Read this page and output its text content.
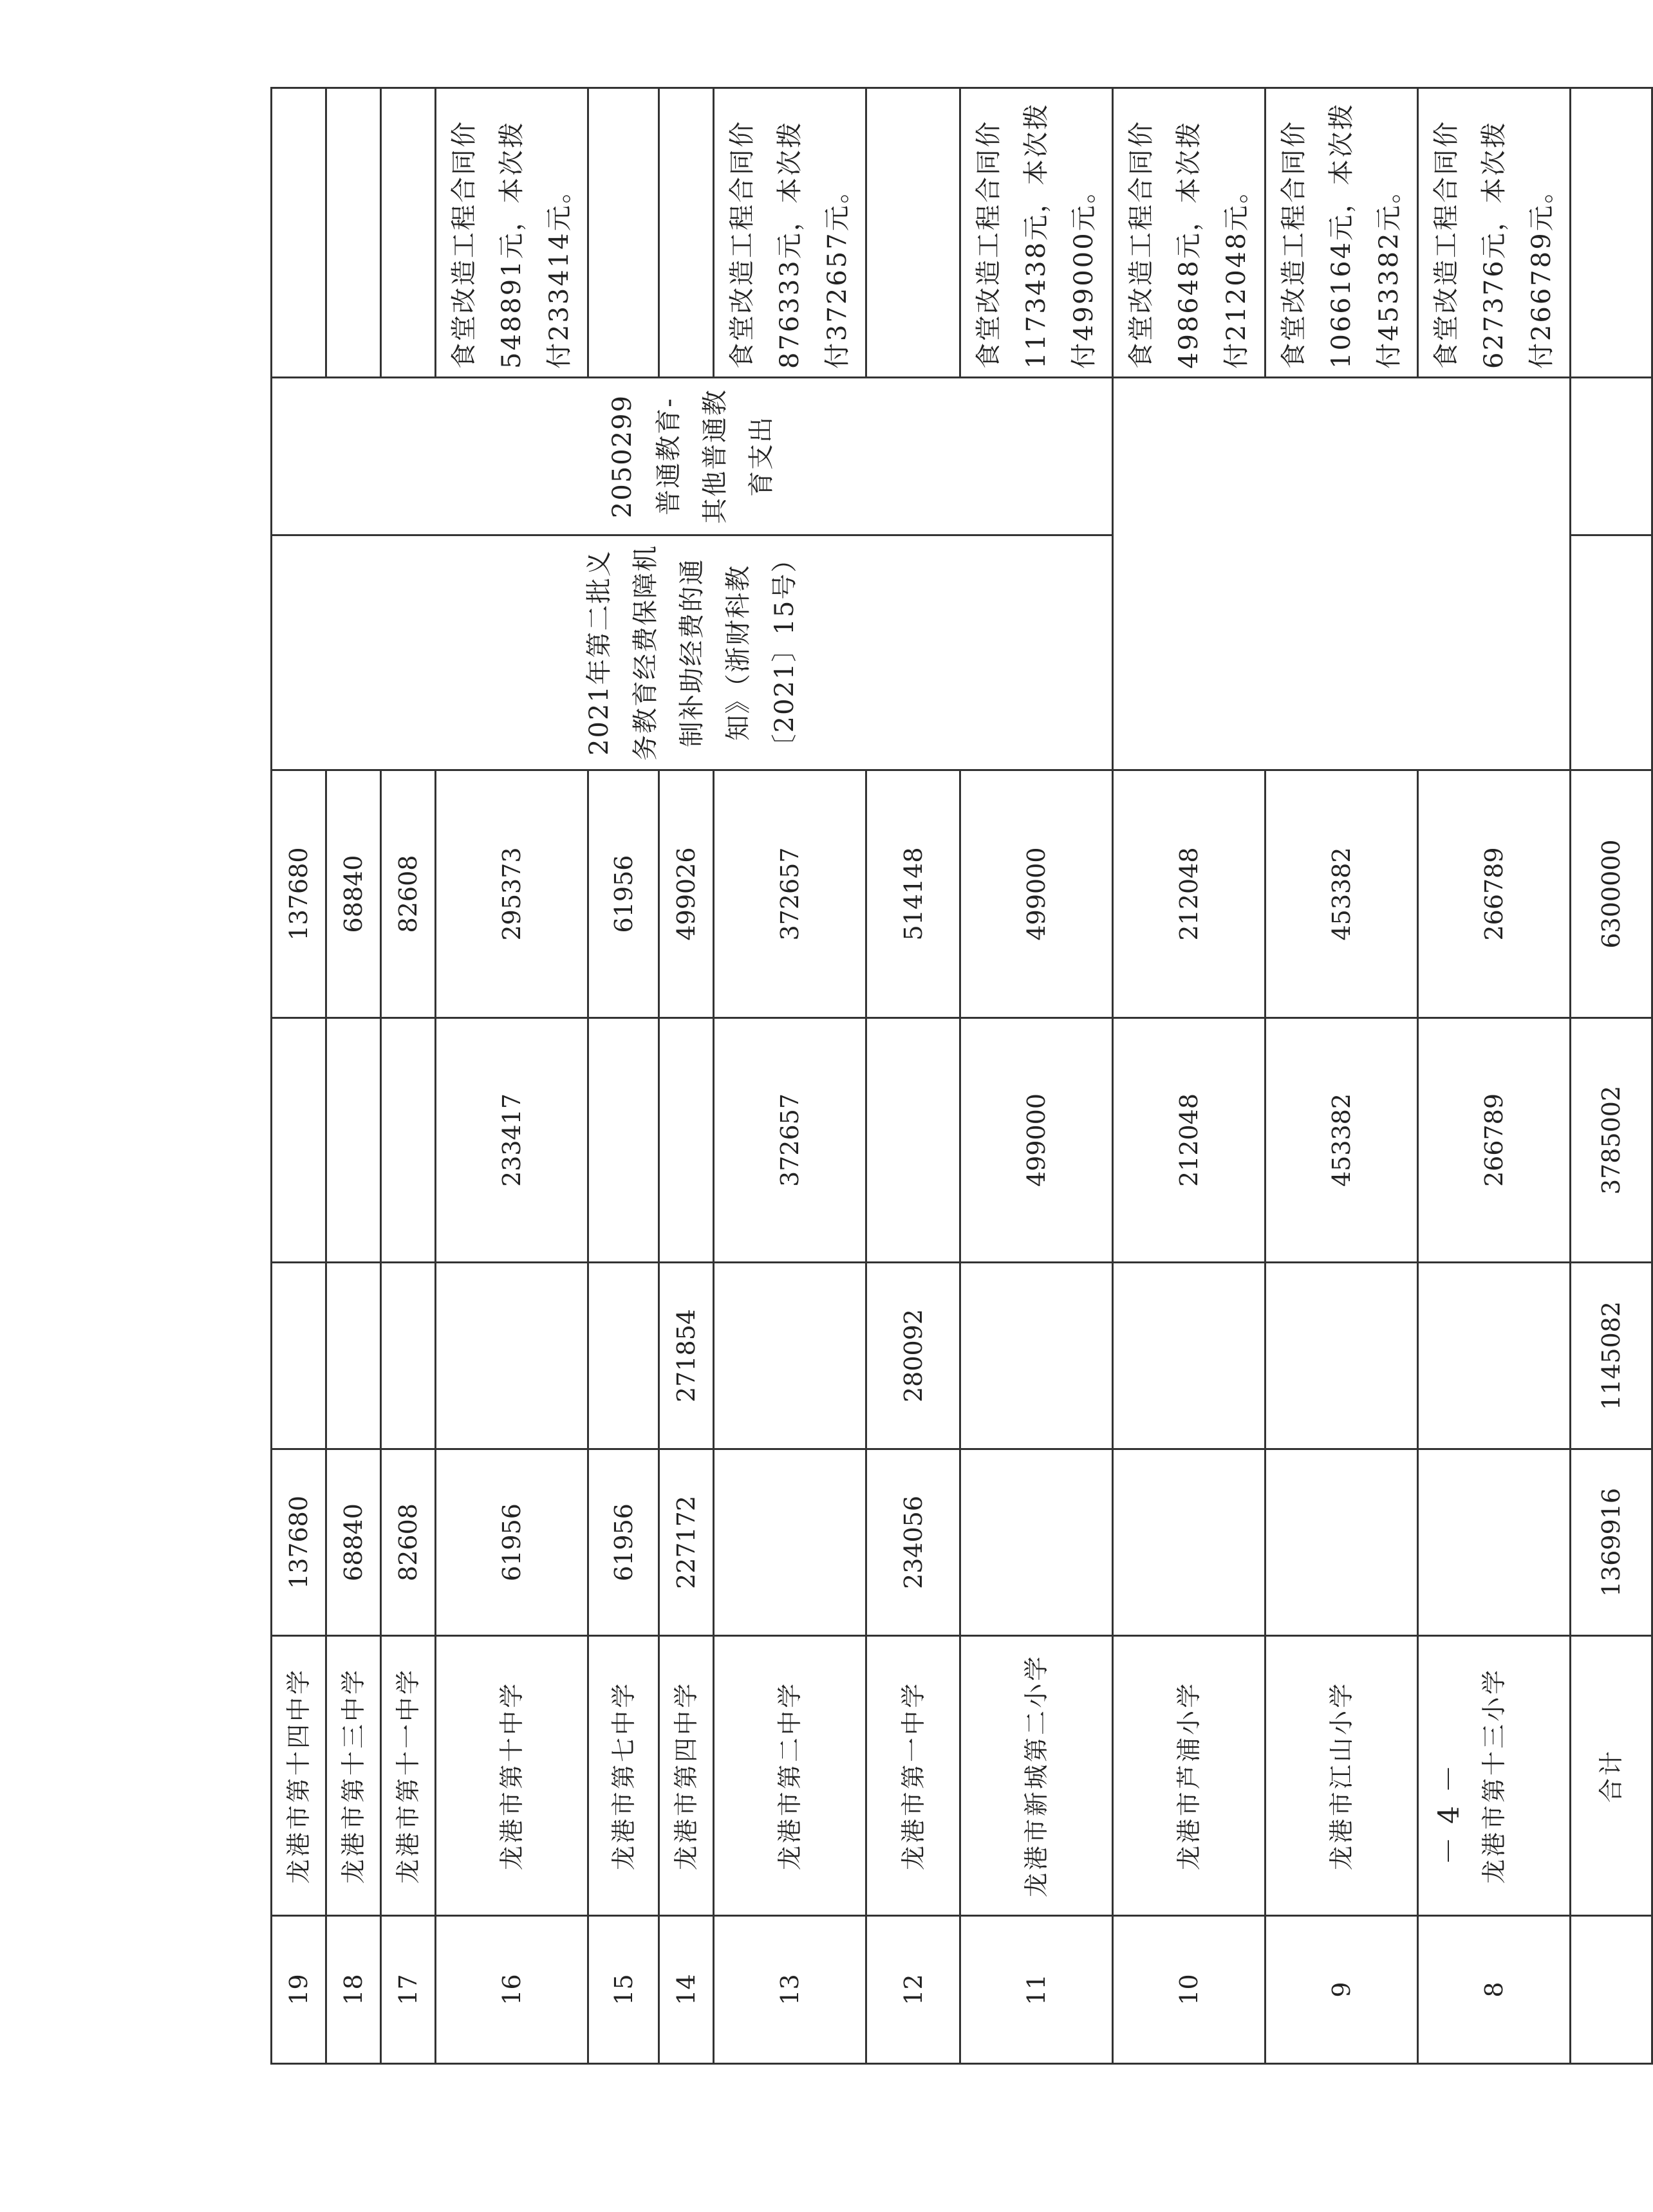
19	龙港市第十四中学	137680			137680	2021年第二批义务教育经费保障机制补助经费的通知》（浙财科教〔2021〕15号）	2050299 普通教育-其他普通教育支出	
18	龙港市第十三中学	68840			68840			
17	龙港市第十一中学	82608			82608			
16	龙港市第十中学	61956		233417	295373			食堂改造工程合同价548891元，本次拨付233414元。
15	龙港市第七中学	61956			61956			
14	龙港市第四中学	227172	271854		499026			
13	龙港市第二中学			372657	372657			食堂改造工程合同价876333元，本次拨付372657元。
12	龙港市第一中学	234056	280092		514148			
11	龙港市新城第二小学			499000	499000			食堂改造工程合同价1173438元，本次拨付499000元。
10	龙港市芦浦小学			212048	212048			食堂改造工程合同价498648元，本次拨付212048元。
9	龙港市江山小学			453382	453382			食堂改造工程合同价1066164元，本次拨付453382元。
8	龙港市第十三小学			266789	266789			食堂改造工程合同价627376元，本次拨付266789元。
	合计	1369916	1145082	3785002	6300000			
－4－
